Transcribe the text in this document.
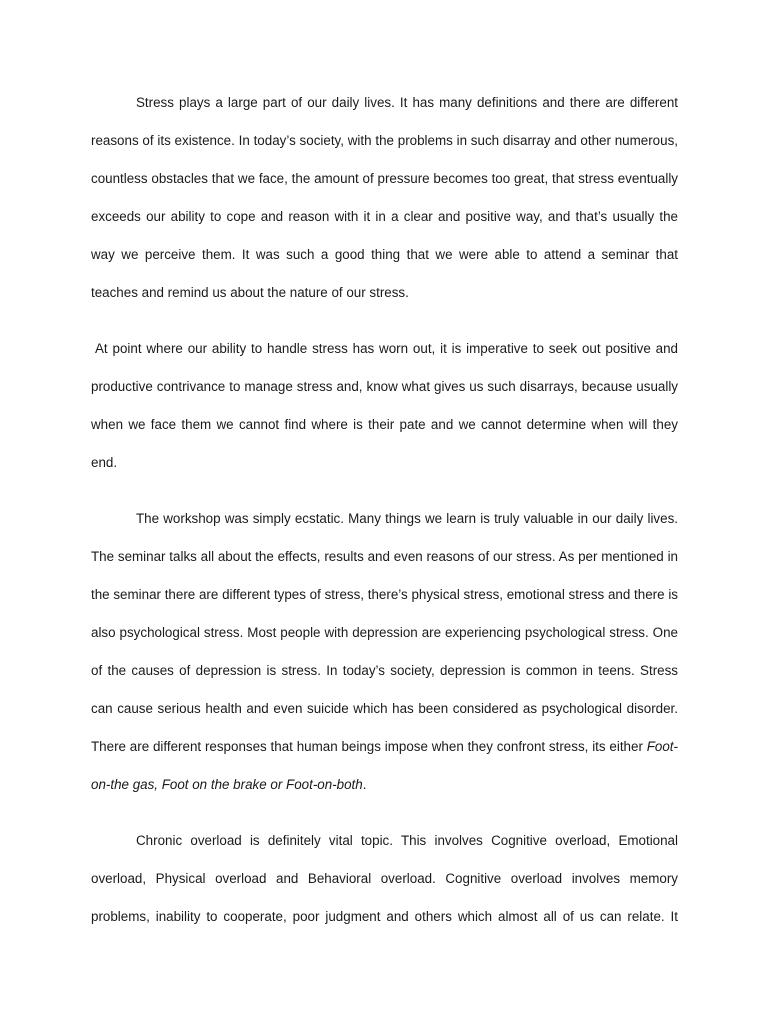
Stress plays a large part of our daily lives. It has many definitions and there are different reasons of its existence. In today’s society, with the problems in such disarray and other numerous, countless obstacles that we face, the amount of pressure becomes too great, that stress eventually exceeds our ability to cope and reason with it in a clear and positive way, and that’s usually the way we perceive them. It was such a good thing that we were able to attend a seminar that teaches and remind us about the nature of our stress.

At point where our ability to handle stress has worn out, it is imperative to seek out positive and productive contrivance to manage stress and, know what gives us such disarrays, because usually when we face them we cannot find where is their pate and we cannot determine when will they end.

The workshop was simply ecstatic. Many things we learn is truly valuable in our daily lives. The seminar talks all about the effects, results and even reasons of our stress. As per mentioned in the seminar there are different types of stress, there’s physical stress, emotional stress and there is also psychological stress. Most people with depression are experiencing psychological stress. One of the causes of depression is stress. In today’s society, depression is common in teens. Stress can cause serious health and even suicide which has been considered as psychological disorder. There are different responses that human beings impose when they confront stress, its either Foot-on-the gas, Foot on the brake or Foot-on-both.

Chronic overload is definitely vital topic. This involves Cognitive overload, Emotional overload, Physical overload and Behavioral overload. Cognitive overload involves memory problems, inability to cooperate, poor judgment and others which almost all of us can relate. It
